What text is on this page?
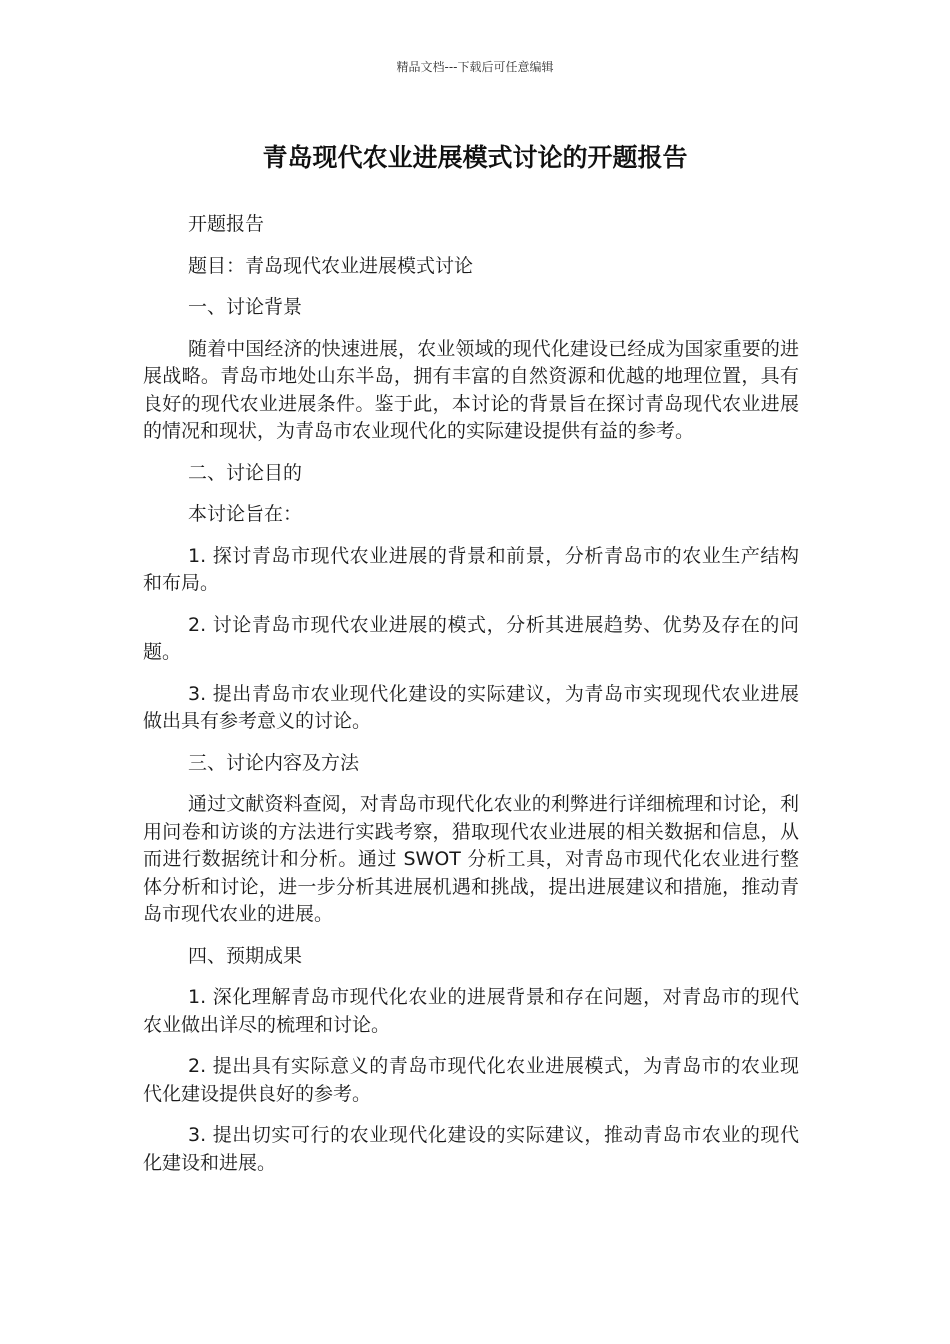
精品文档---下载后可任意编辑
青岛现代农业进展模式讨论的开题报告

开题报告

题目：青岛现代农业进展模式讨论

一、讨论背景

随着中国经济的快速进展，农业领域的现代化建设已经成为国家重要的进展战略。青岛市地处山东半岛，拥有丰富的自然资源和优越的地理位置，具有良好的现代农业进展条件。鉴于此，本讨论的背景旨在探讨青岛现代农业进展的情况和现状，为青岛市农业现代化的实际建设提供有益的参考。

二、讨论目的

本讨论旨在：

1. 探讨青岛市现代农业进展的背景和前景，分析青岛市的农业生产结构和布局。

2. 讨论青岛市现代农业进展的模式，分析其进展趋势、优势及存在的问题。

3. 提出青岛市农业现代化建设的实际建议，为青岛市实现现代农业进展做出具有参考意义的讨论。

三、讨论内容及方法

通过文献资料查阅，对青岛市现代化农业的利弊进行详细梳理和讨论，利用问卷和访谈的方法进行实践考察，猎取现代农业进展的相关数据和信息，从而进行数据统计和分析。通过 SWOT 分析工具，对青岛市现代化农业进行整体分析和讨论，进一步分析其进展机遇和挑战，提出进展建议和措施，推动青岛市现代农业的进展。

四、预期成果

1. 深化理解青岛市现代化农业的进展背景和存在问题，对青岛市的现代农业做出详尽的梳理和讨论。

2. 提出具有实际意义的青岛市现代化农业进展模式，为青岛市的农业现代化建设提供良好的参考。

3. 提出切实可行的农业现代化建设的实际建议，推动青岛市农业的现代化建设和进展。
